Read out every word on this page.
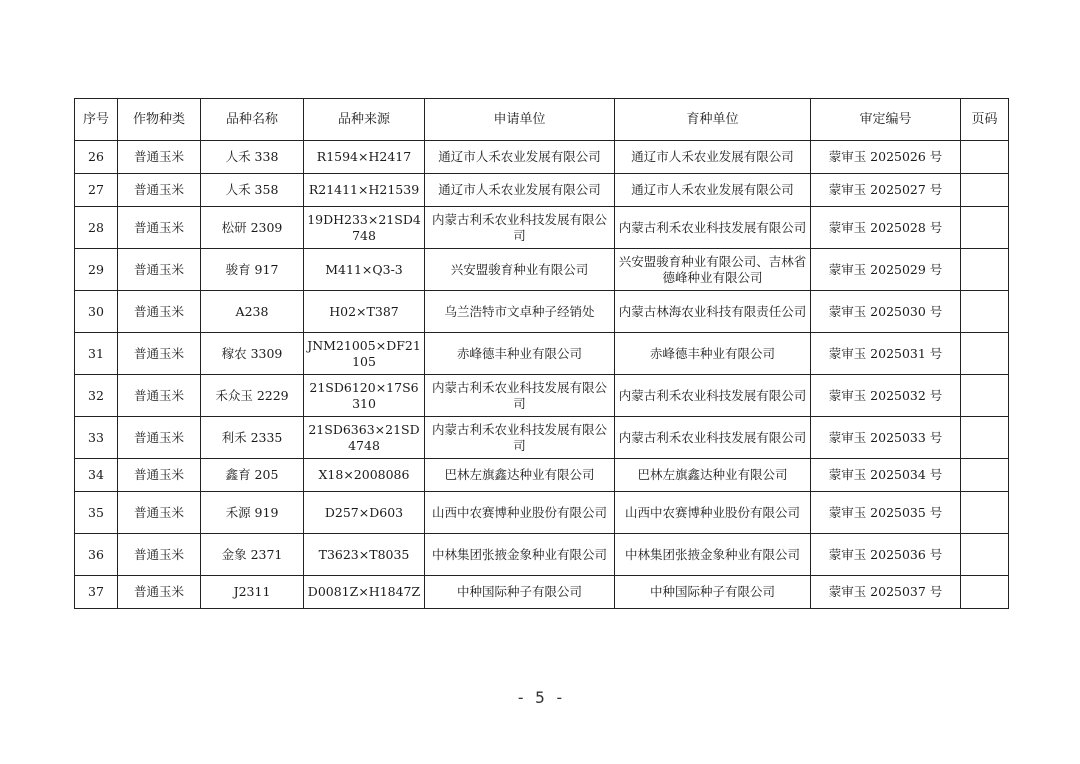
序号	作物种类	品种名称	品种来源	申请单位	育种单位	审定编号	页码
26	普通玉米	人禾 338	R1594×H2417	通辽市人禾农业发展有限公司	通辽市人禾农业发展有限公司	蒙审玉 2025026 号	
27	普通玉米	人禾 358	R21411×H21539	通辽市人禾农业发展有限公司	通辽市人禾农业发展有限公司	蒙审玉 2025027 号	
28	普通玉米	松研 2309	19DH233×21SD4748	内蒙古利禾农业科技发展有限公司	内蒙古利禾农业科技发展有限公司	蒙审玉 2025028 号	
29	普通玉米	骏育 917	M411×Q3-3	兴安盟骏育种业有限公司	兴安盟骏育种业有限公司、吉林省德峰种业有限公司	蒙审玉 2025029 号	
30	普通玉米	A238	H02×T387	乌兰浩特市文卓种子经销处	内蒙古林海农业科技有限责任公司	蒙审玉 2025030 号	
31	普通玉米	稼农 3309	JNM21005×DF21105	赤峰德丰种业有限公司	赤峰德丰种业有限公司	蒙审玉 2025031 号	
32	普通玉米	禾众玉 2229	21SD6120×17S6310	内蒙古利禾农业科技发展有限公司	内蒙古利禾农业科技发展有限公司	蒙审玉 2025032 号	
33	普通玉米	利禾 2335	21SD6363×21SD4748	内蒙古利禾农业科技发展有限公司	内蒙古利禾农业科技发展有限公司	蒙审玉 2025033 号	
34	普通玉米	鑫育 205	X18×2008086	巴林左旗鑫达种业有限公司	巴林左旗鑫达种业有限公司	蒙审玉 2025034 号	
35	普通玉米	禾源 919	D257×D603	山西中农赛博种业股份有限公司	山西中农赛博种业股份有限公司	蒙审玉 2025035 号	
36	普通玉米	金象 2371	T3623×T8035	中林集团张掖金象种业有限公司	中林集团张掖金象种业有限公司	蒙审玉 2025036 号	
37	普通玉米	J2311	D0081Z×H1847Z	中种国际种子有限公司	中种国际种子有限公司	蒙审玉 2025037 号	
- 5 -
